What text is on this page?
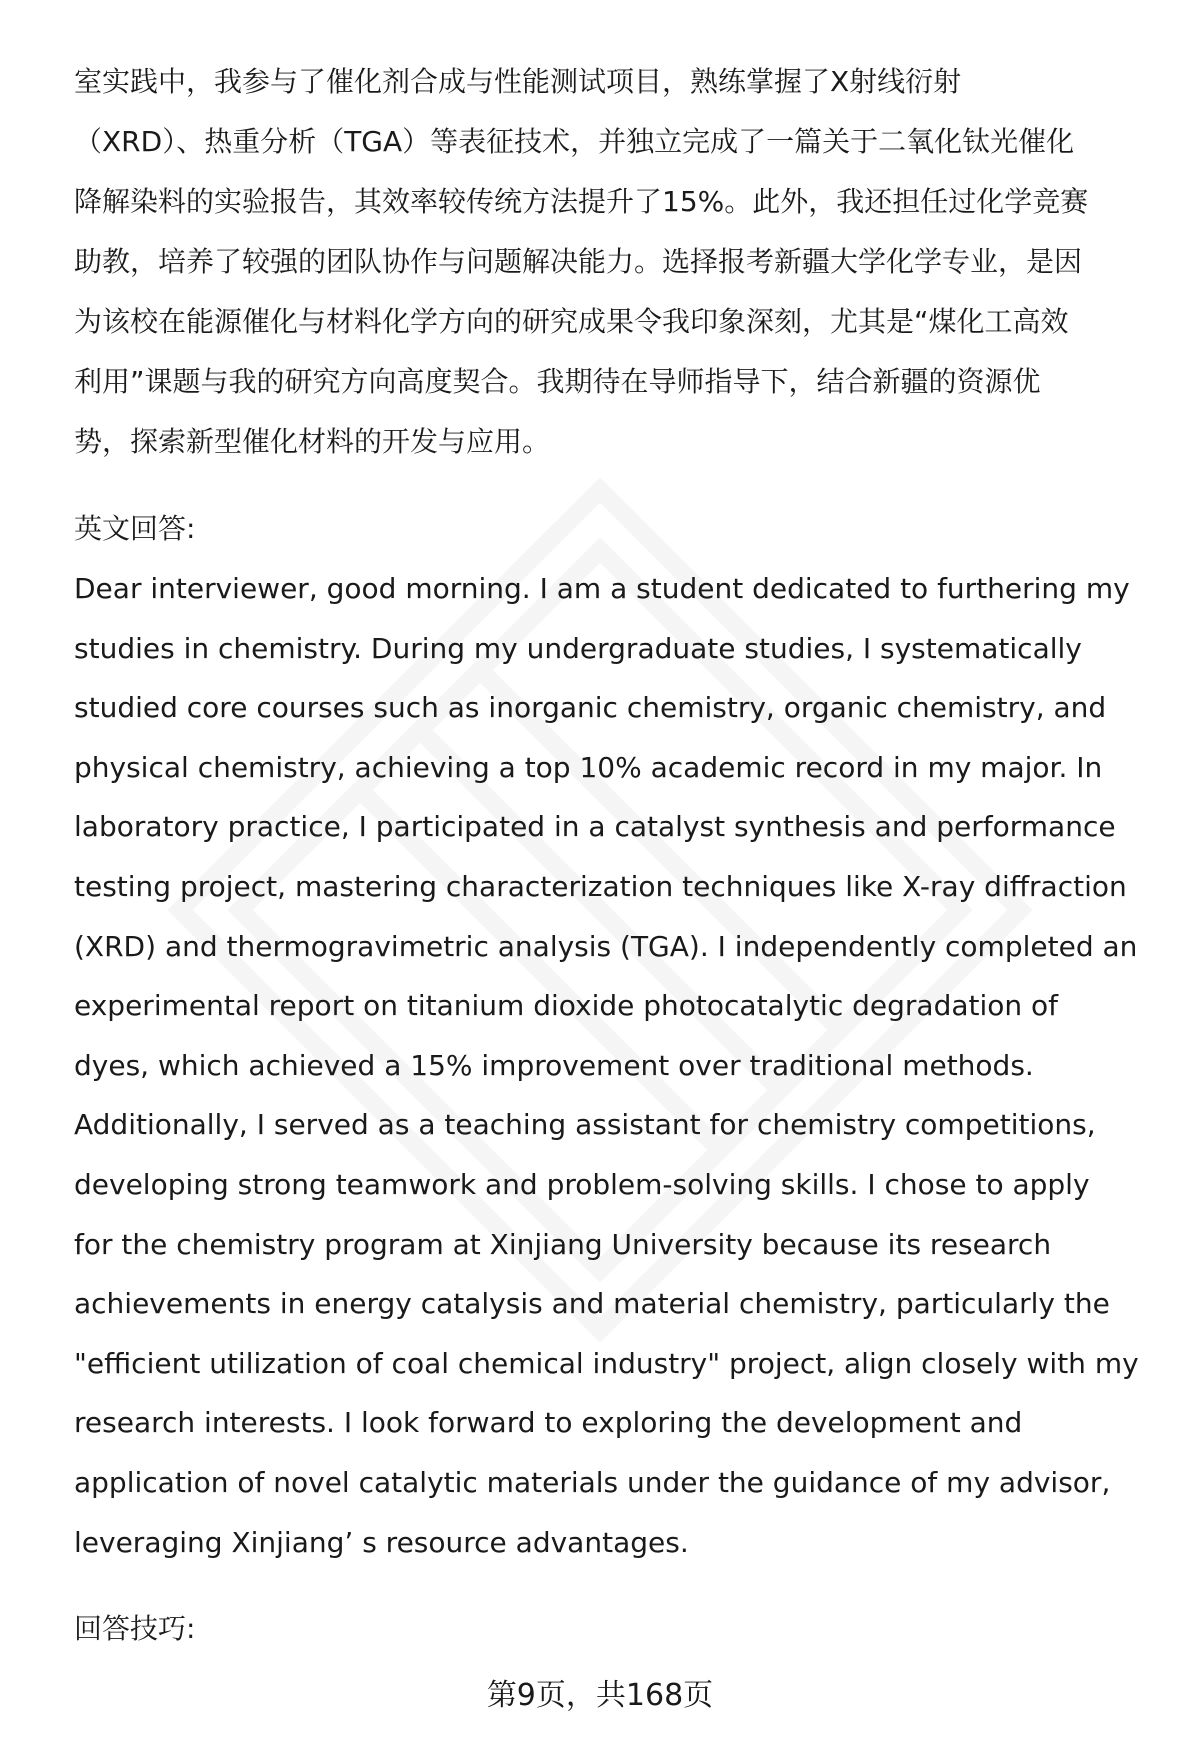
室实践中，我参与了催化剂合成与性能测试项目，熟练掌握了X射线衍射

（XRD）、热重分析（TGA）等表征技术，并独立完成了一篇关于二氧化钛光催化

降解染料的实验报告，其效率较传统方法提升了15%。此外，我还担任过化学竞赛

助教，培养了较强的团队协作与问题解决能力。选择报考新疆大学化学专业，是因

为该校在能源催化与材料化学方向的研究成果令我印象深刻，尤其是“煤化工高效

利用”课题与我的研究方向高度契合。我期待在导师指导下，结合新疆的资源优

势，探索新型催化材料的开发与应用。

英文回答:

Dear interviewer, good morning. I am a student dedicated to furthering my

studies in chemistry. During my undergraduate studies, I systematically

studied core courses such as inorganic chemistry, organic chemistry, and

physical chemistry, achieving a top 10% academic record in my major. In

laboratory practice, I participated in a catalyst synthesis and performance

testing project, mastering characterization techniques like X-ray diffraction

(XRD) and thermogravimetric analysis (TGA). I independently completed an

experimental report on titanium dioxide photocatalytic degradation of

dyes, which achieved a 15% improvement over traditional methods.

Additionally, I served as a teaching assistant for chemistry competitions,

developing strong teamwork and problem-solving skills. I chose to apply

for the chemistry program at Xinjiang University because its research

achievements in energy catalysis and material chemistry, particularly the

"efficient utilization of coal chemical industry" project, align closely with my

research interests. I look forward to exploring the development and

application of novel catalytic materials under the guidance of my advisor,

leveraging Xinjiang’ s resource advantages.

回答技巧:

第9页，共168页
